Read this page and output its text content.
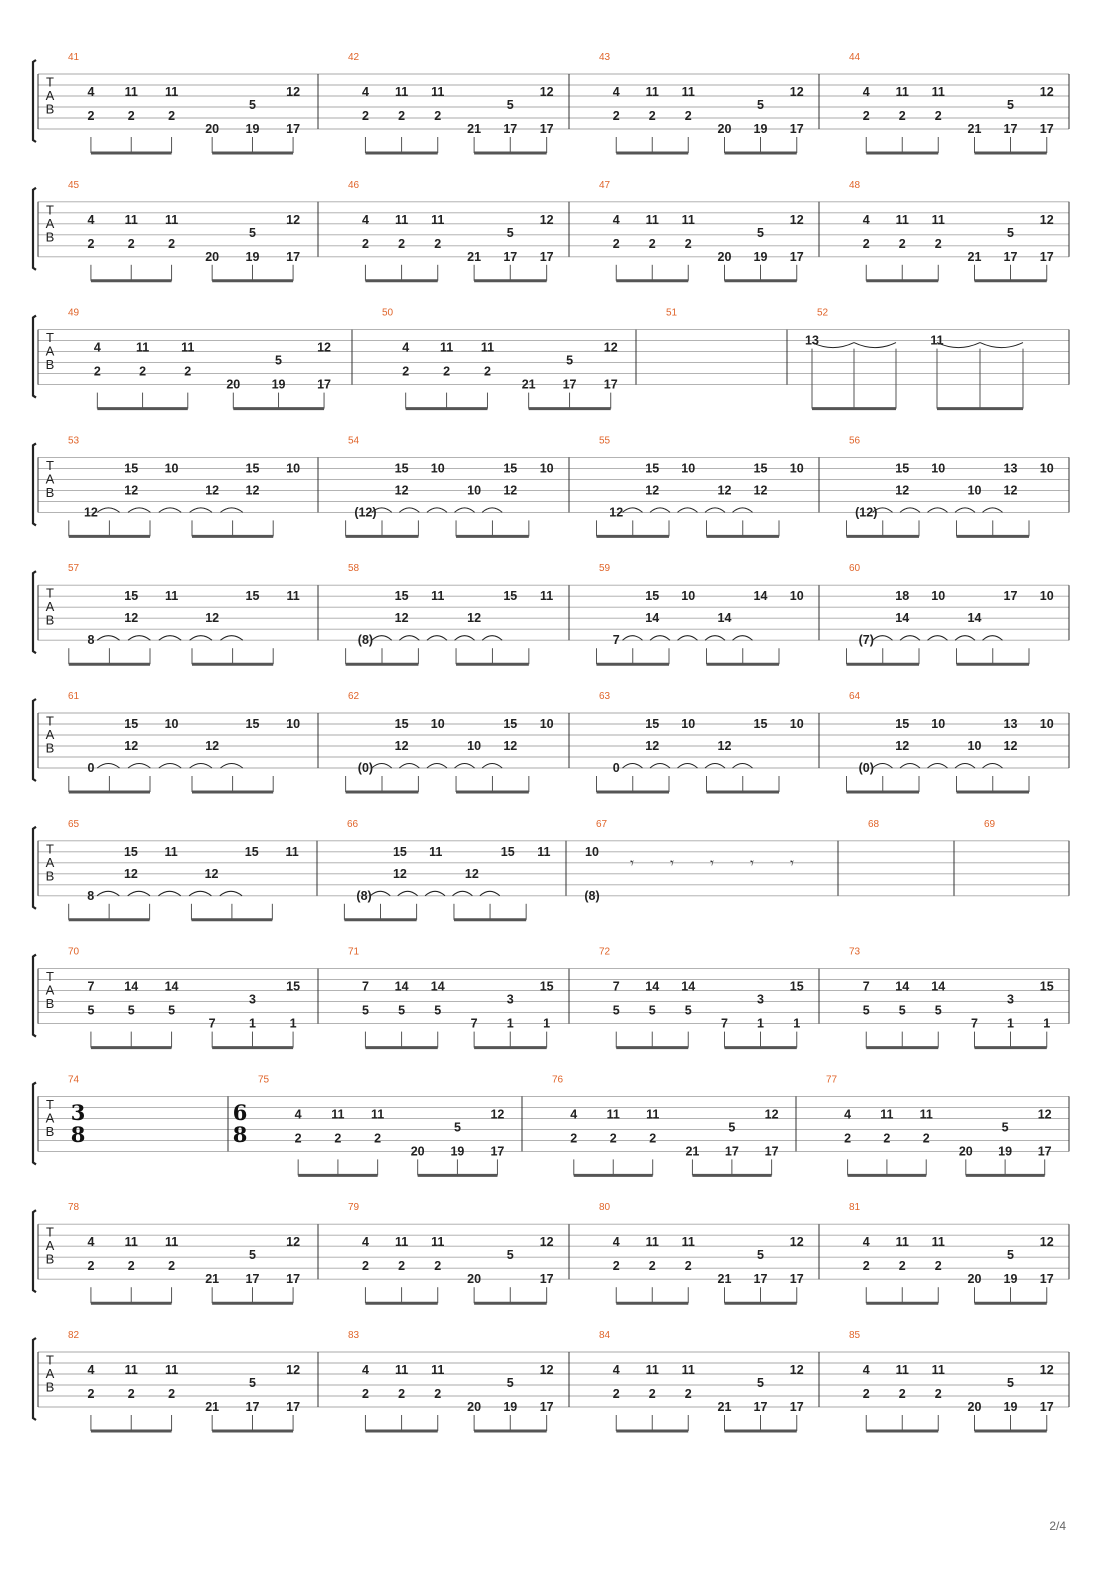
T
A
B
41
4
2
11
2
11
2
20
5
19
12
17
42
4
2
11
2
11
2
21
5
17
12
17
43
4
2
11
2
11
2
20
5
19
12
17
44
4
2
11
2
11
2
21
5
17
12
17
T
A
B
45
4
2
11
2
11
2
20
5
19
12
17
46
4
2
11
2
11
2
21
5
17
12
17
47
4
2
11
2
11
2
20
5
19
12
17
48
4
2
11
2
11
2
21
5
17
12
17
T
A
B
49
4
2
11
2
11
2
20
5
19
12
17
50
4
2
11
2
11
2
21
5
17
12
17
51	52
13	11
T
A
B
53
12
15
12
10
12
15
12
10
54
(12)
15
12
10
10
15
12
10
55
12
15
12
10
12
15
12
10
56
(12)
15
12
10
10
13
12
10
T
A
B
57
8
15
12
11
12
15 11
58
(8)
15
12
11
12
15 11
59
7
15
14
10
14
14 10
60
(7)
18
14
10
14
17 10
T
A
B
61
0
15
12
10
12
15 10
62
(0)
15
12
10
10
15
12
10
63
0
15
12
10
12
15 10
64
(0)
15
12
10
10
13
12
10
T
A
B
65
8
15
12
11
12
15 11
66
(8)
15
12
11
12
15 11
67
10
(8)
𝄾 𝄾 𝄾 𝄾 𝄾
68	69
T
A
B
70
7
5
14
5
14
5
7
3
1
15
1
71
7
5
14
5
14
5
7
3
1
15
1
72
7
5
14
5
14
5
7
3
1
15
1
73
7
5
14
5
14
5
7
3
1
15
1
T
A
B
74
3
8
75
6
8
4
2
11
2
11
2
20
5
19
12
17
76
4
2
11
2
11
2
21
5
17
12
17
77
4
2
11
2
11
2
20
5
19
12
17
T
A
B
78
4
2
11
2
11
2
21
5
17
12
17
79
4
2
11
2
11
2
20
5
12
17
80
4
2
11
2
11
2
21
5
17
12
17
81
4
2
11
2
11
2
20
5
19
12
17
T
A
B
82
4
2
11
2
11
2
21
5
17
12
17
83
4
2
11
2
11
2
20
5
19
12
17
84
4
2
11
2
11
2
21
5
17
12
17
85
4
2
11
2
11
2
20
5
19
12
17
2/4
